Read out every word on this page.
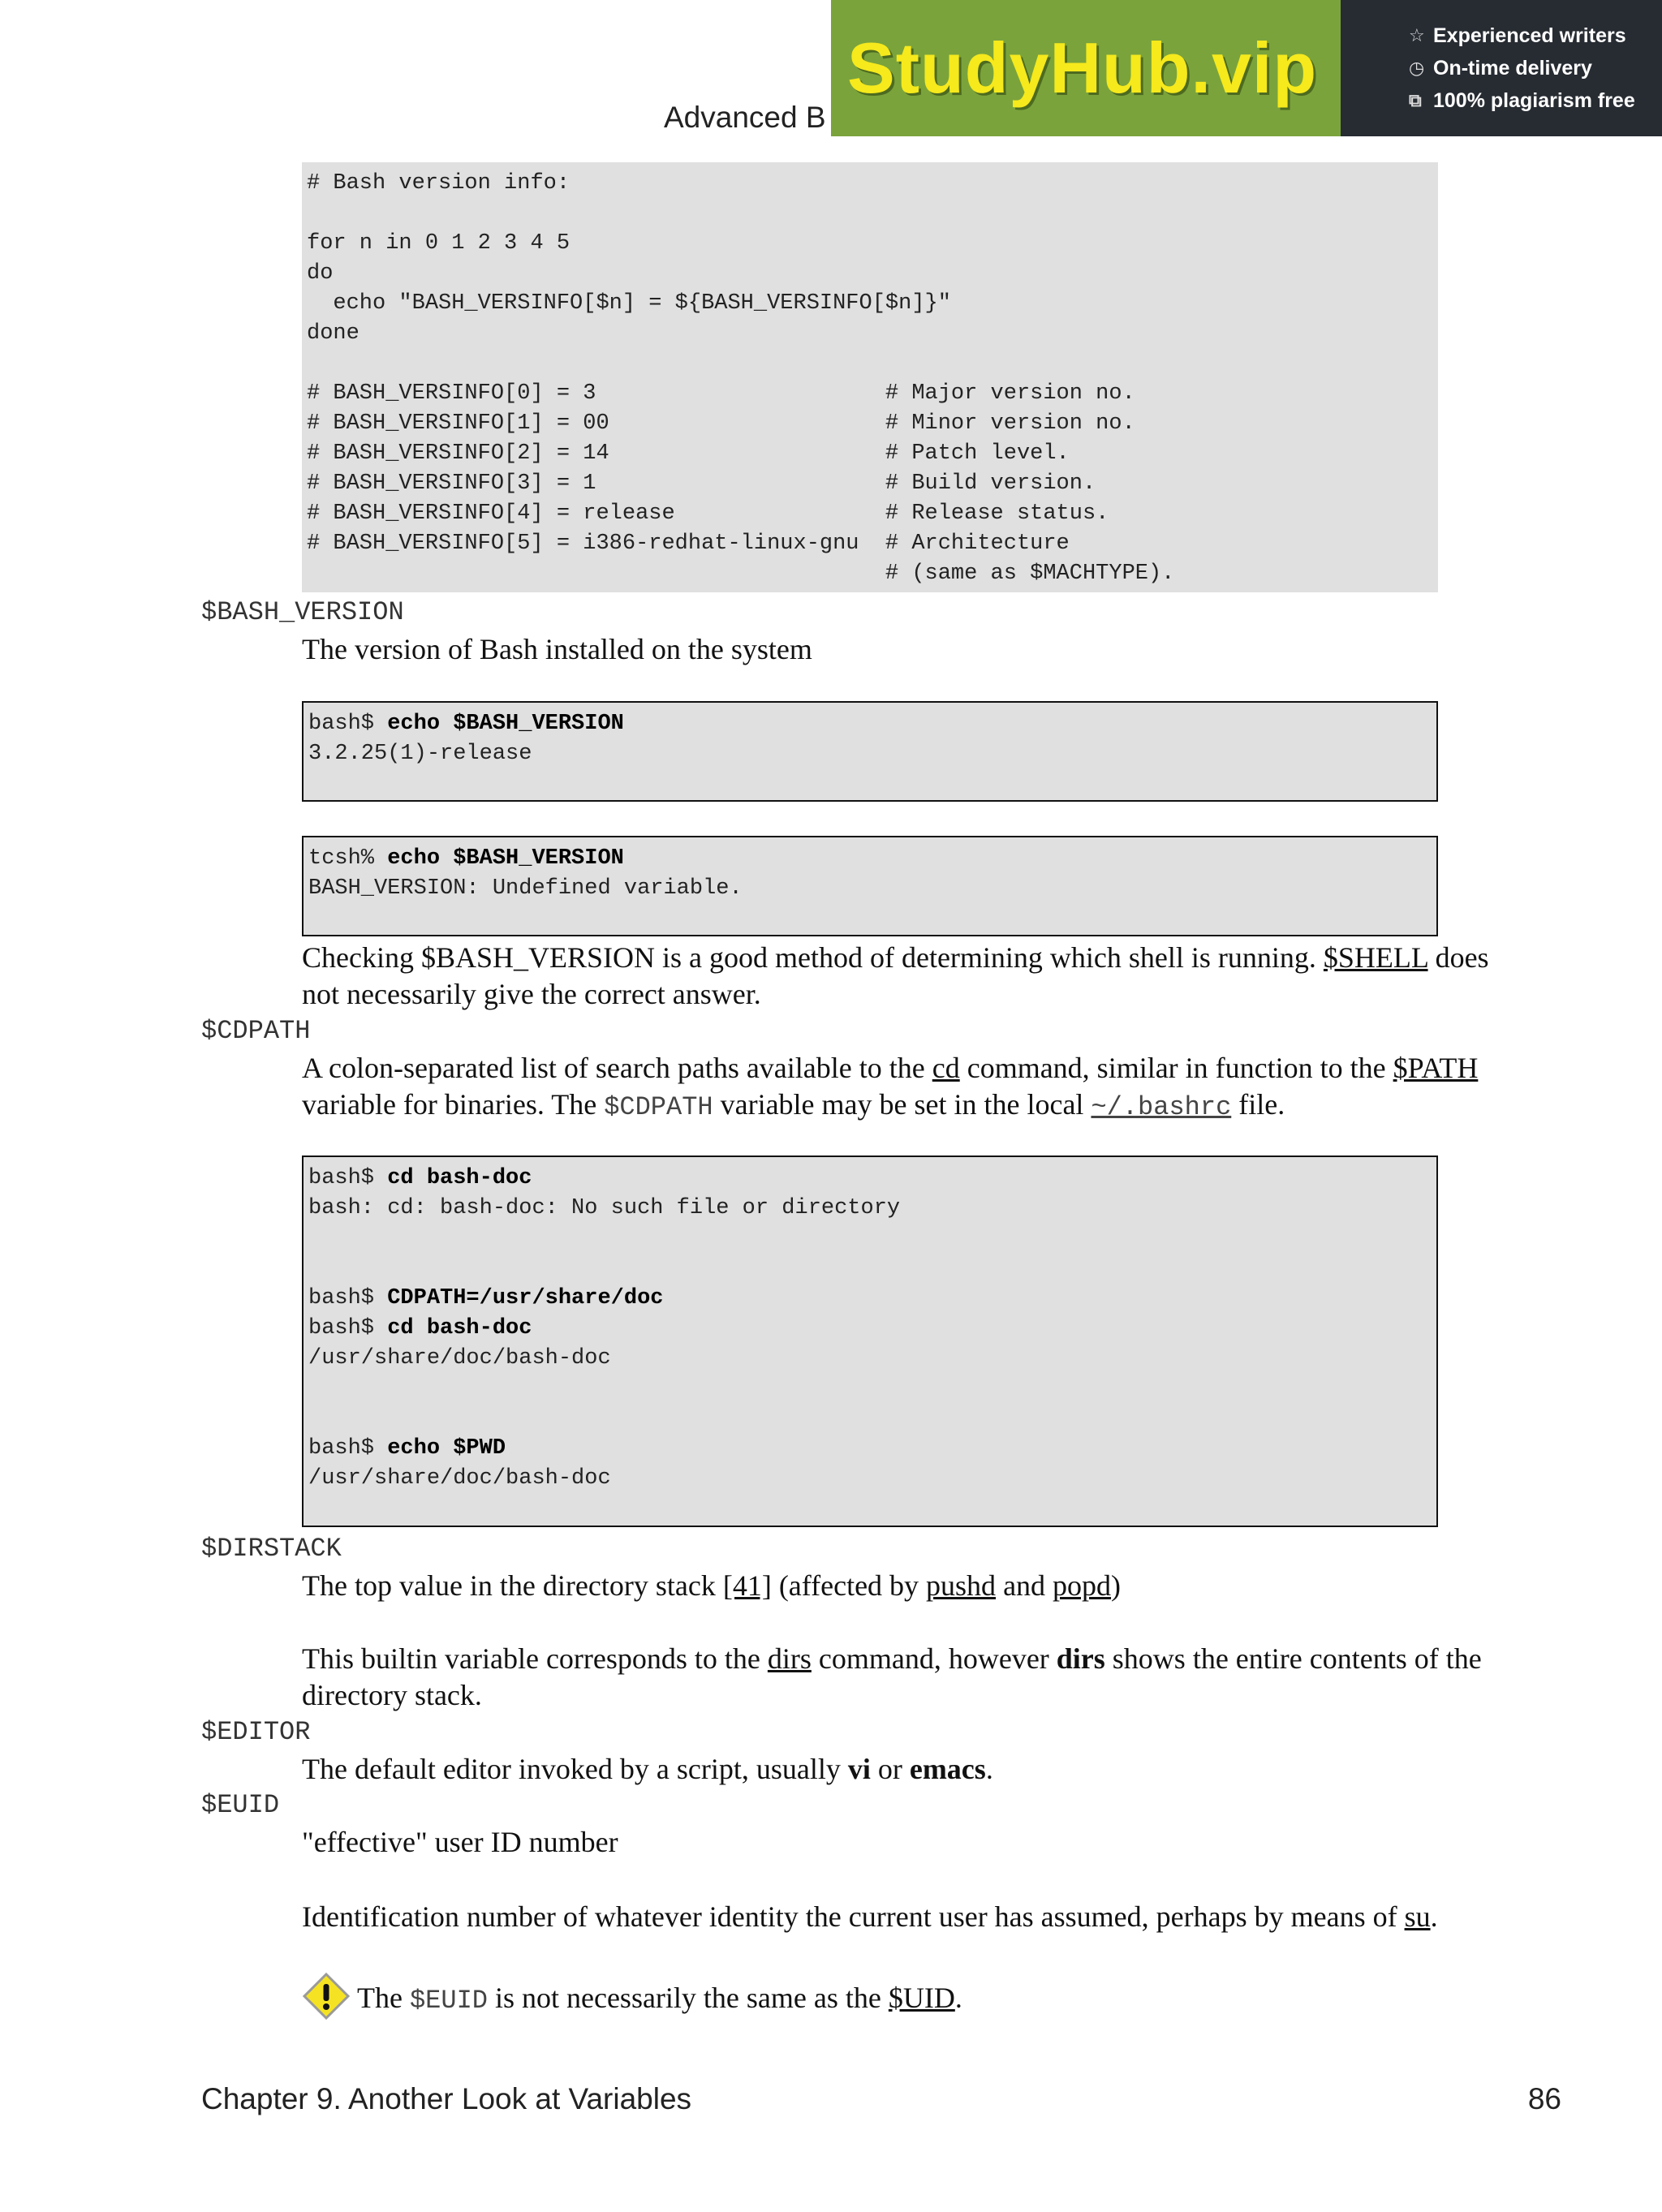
Advanced B
StudyHub.vip	☆ Experienced writers
◷ On-time delivery
⧉ 100% plagiarism free
# Bash version info:

for n in 0 1 2 3 4 5
do
echo "BASH_VERSINFO[$n] = ${BASH_VERSINFO[$n]}"
done

# BASH_VERSINFO[0] = 3                      # Major version no.
# BASH_VERSINFO[1] = 00                     # Minor version no.
# BASH_VERSINFO[2] = 14                     # Patch level.
# BASH_VERSINFO[3] = 1                      # Build version.
# BASH_VERSINFO[4] = release                # Release status.
# BASH_VERSINFO[5] = i386-redhat-linux-gnu  # Architecture
# (same as $MACHTYPE).
$BASH_VERSION
The version of Bash installed on the system
bash$ echo $BASH_VERSION
3.2.25(1)-release
tcsh% echo $BASH_VERSION
BASH_VERSION: Undefined variable.
Checking $BASH_VERSION is a good method of determining which shell is running. $SHELL does
not necessarily give the correct answer.
$CDPATH
A colon-separated list of search paths available to the cd command, similar in function to the $PATH
variable for binaries. The $CDPATH variable may be set in the local ~/.bashrc file.
bash$ cd bash-doc
bash: cd: bash-doc: No such file or directory

bash$ CDPATH=/usr/share/doc
bash$ cd bash-doc
/usr/share/doc/bash-doc

bash$ echo $PWD
/usr/share/doc/bash-doc
$DIRSTACK
The top value in the directory stack [41] (affected by pushd and popd)
This builtin variable corresponds to the dirs command, however dirs shows the entire contents of the
directory stack.
$EDITOR
The default editor invoked by a script, usually vi or emacs.
$EUID
"effective" user ID number
Identification number of whatever identity the current user has assumed, perhaps by means of su.
The $EUID is not necessarily the same as the $UID.
Chapter 9. Another Look at Variables	86
